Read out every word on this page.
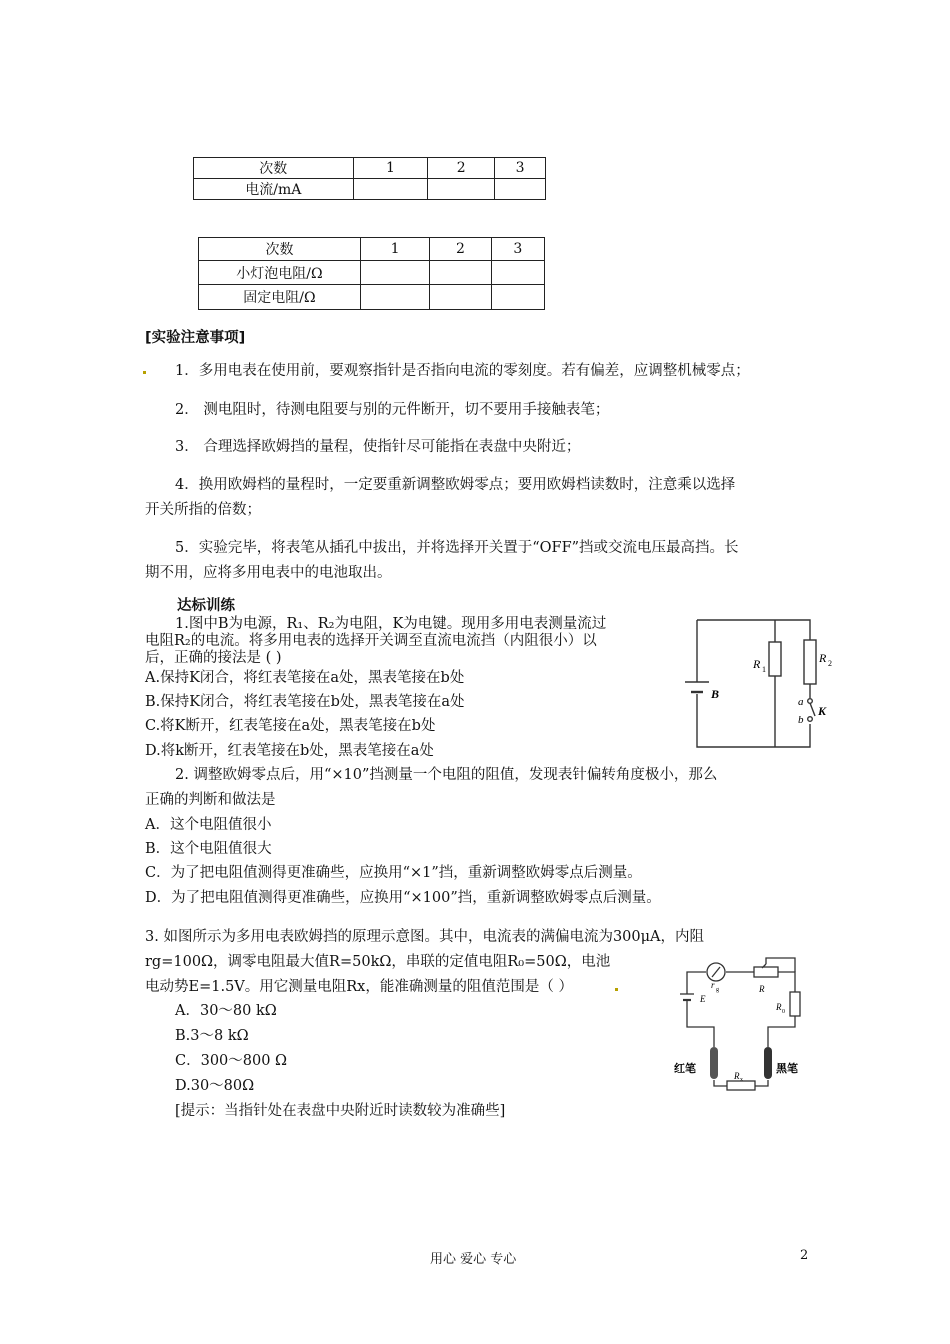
次数	1	2	3
电流/mA			
次数	1	2	3
小灯泡电阻/Ω			
固定电阻/Ω			
[实验注意事项]
1．多用电表在使用前，要观察指针是否指向电流的零刻度。若有偏差，应调整机械零点；
2． 测电阻时，待测电阻要与别的元件断开，切不要用手接触表笔；
3． 合理选择欧姆挡的量程，使指针尽可能指在表盘中央附近；
4．换用欧姆档的量程时，一定要重新调整欧姆零点；要用欧姆档读数时，注意乘以选择
开关所指的倍数；
5．实验完毕，将表笔从插孔中拔出，并将选择开关置于“OFF”挡或交流电压最高挡。长
期不用，应将多用电表中的电池取出。
达标训练
1.图中B为电源，R₁、R₂为电阻，K为电键。现用多用电表测量流过
电阻R₂的电流。将多用电表的选择开关调至直流电流挡（内阻很小）以
后，正确的接法是 ( )
A.保持K闭合，将红表笔接在a处，黑表笔接在b处
B.保持K闭合，将红表笔接在b处，黑表笔接在a处
C.将K断开，红表笔接在a处，黑表笔接在b处
D.将k断开，红表笔接在b处，黑表笔接在a处
R 1
R 2
B
a
b
K
2. 调整欧姆零点后，用“×10”挡测量一个电阻的阻值，发现表针偏转角度极小，那么
正确的判断和做法是
A．这个电阻值很小
B．这个电阻值很大
C．为了把电阻值测得更准确些，应换用“×1”挡，重新调整欧姆零点后测量。
D．为了把电阻值测得更准确些，应换用“×100”挡，重新调整欧姆零点后测量。
3. 如图所示为多用电表欧姆挡的原理示意图。其中，电流表的满偏电流为300μA，内阻
rg=100Ω，调零电阻最大值R=50kΩ，串联的定值电阻R₀=50Ω，电池
电动势E=1.5V。用它测量电阻Rx，能准确测量的阻值范围是（ ）
A．30～80 kΩ
B.3～8 kΩ
C．300～800 Ω
D.30～80Ω
[提示：当指针处在表盘中央附近时读数较为准确些]
r g	R
R 0
E
红笔	黑笔
R x
用心 爱心 专心	2
